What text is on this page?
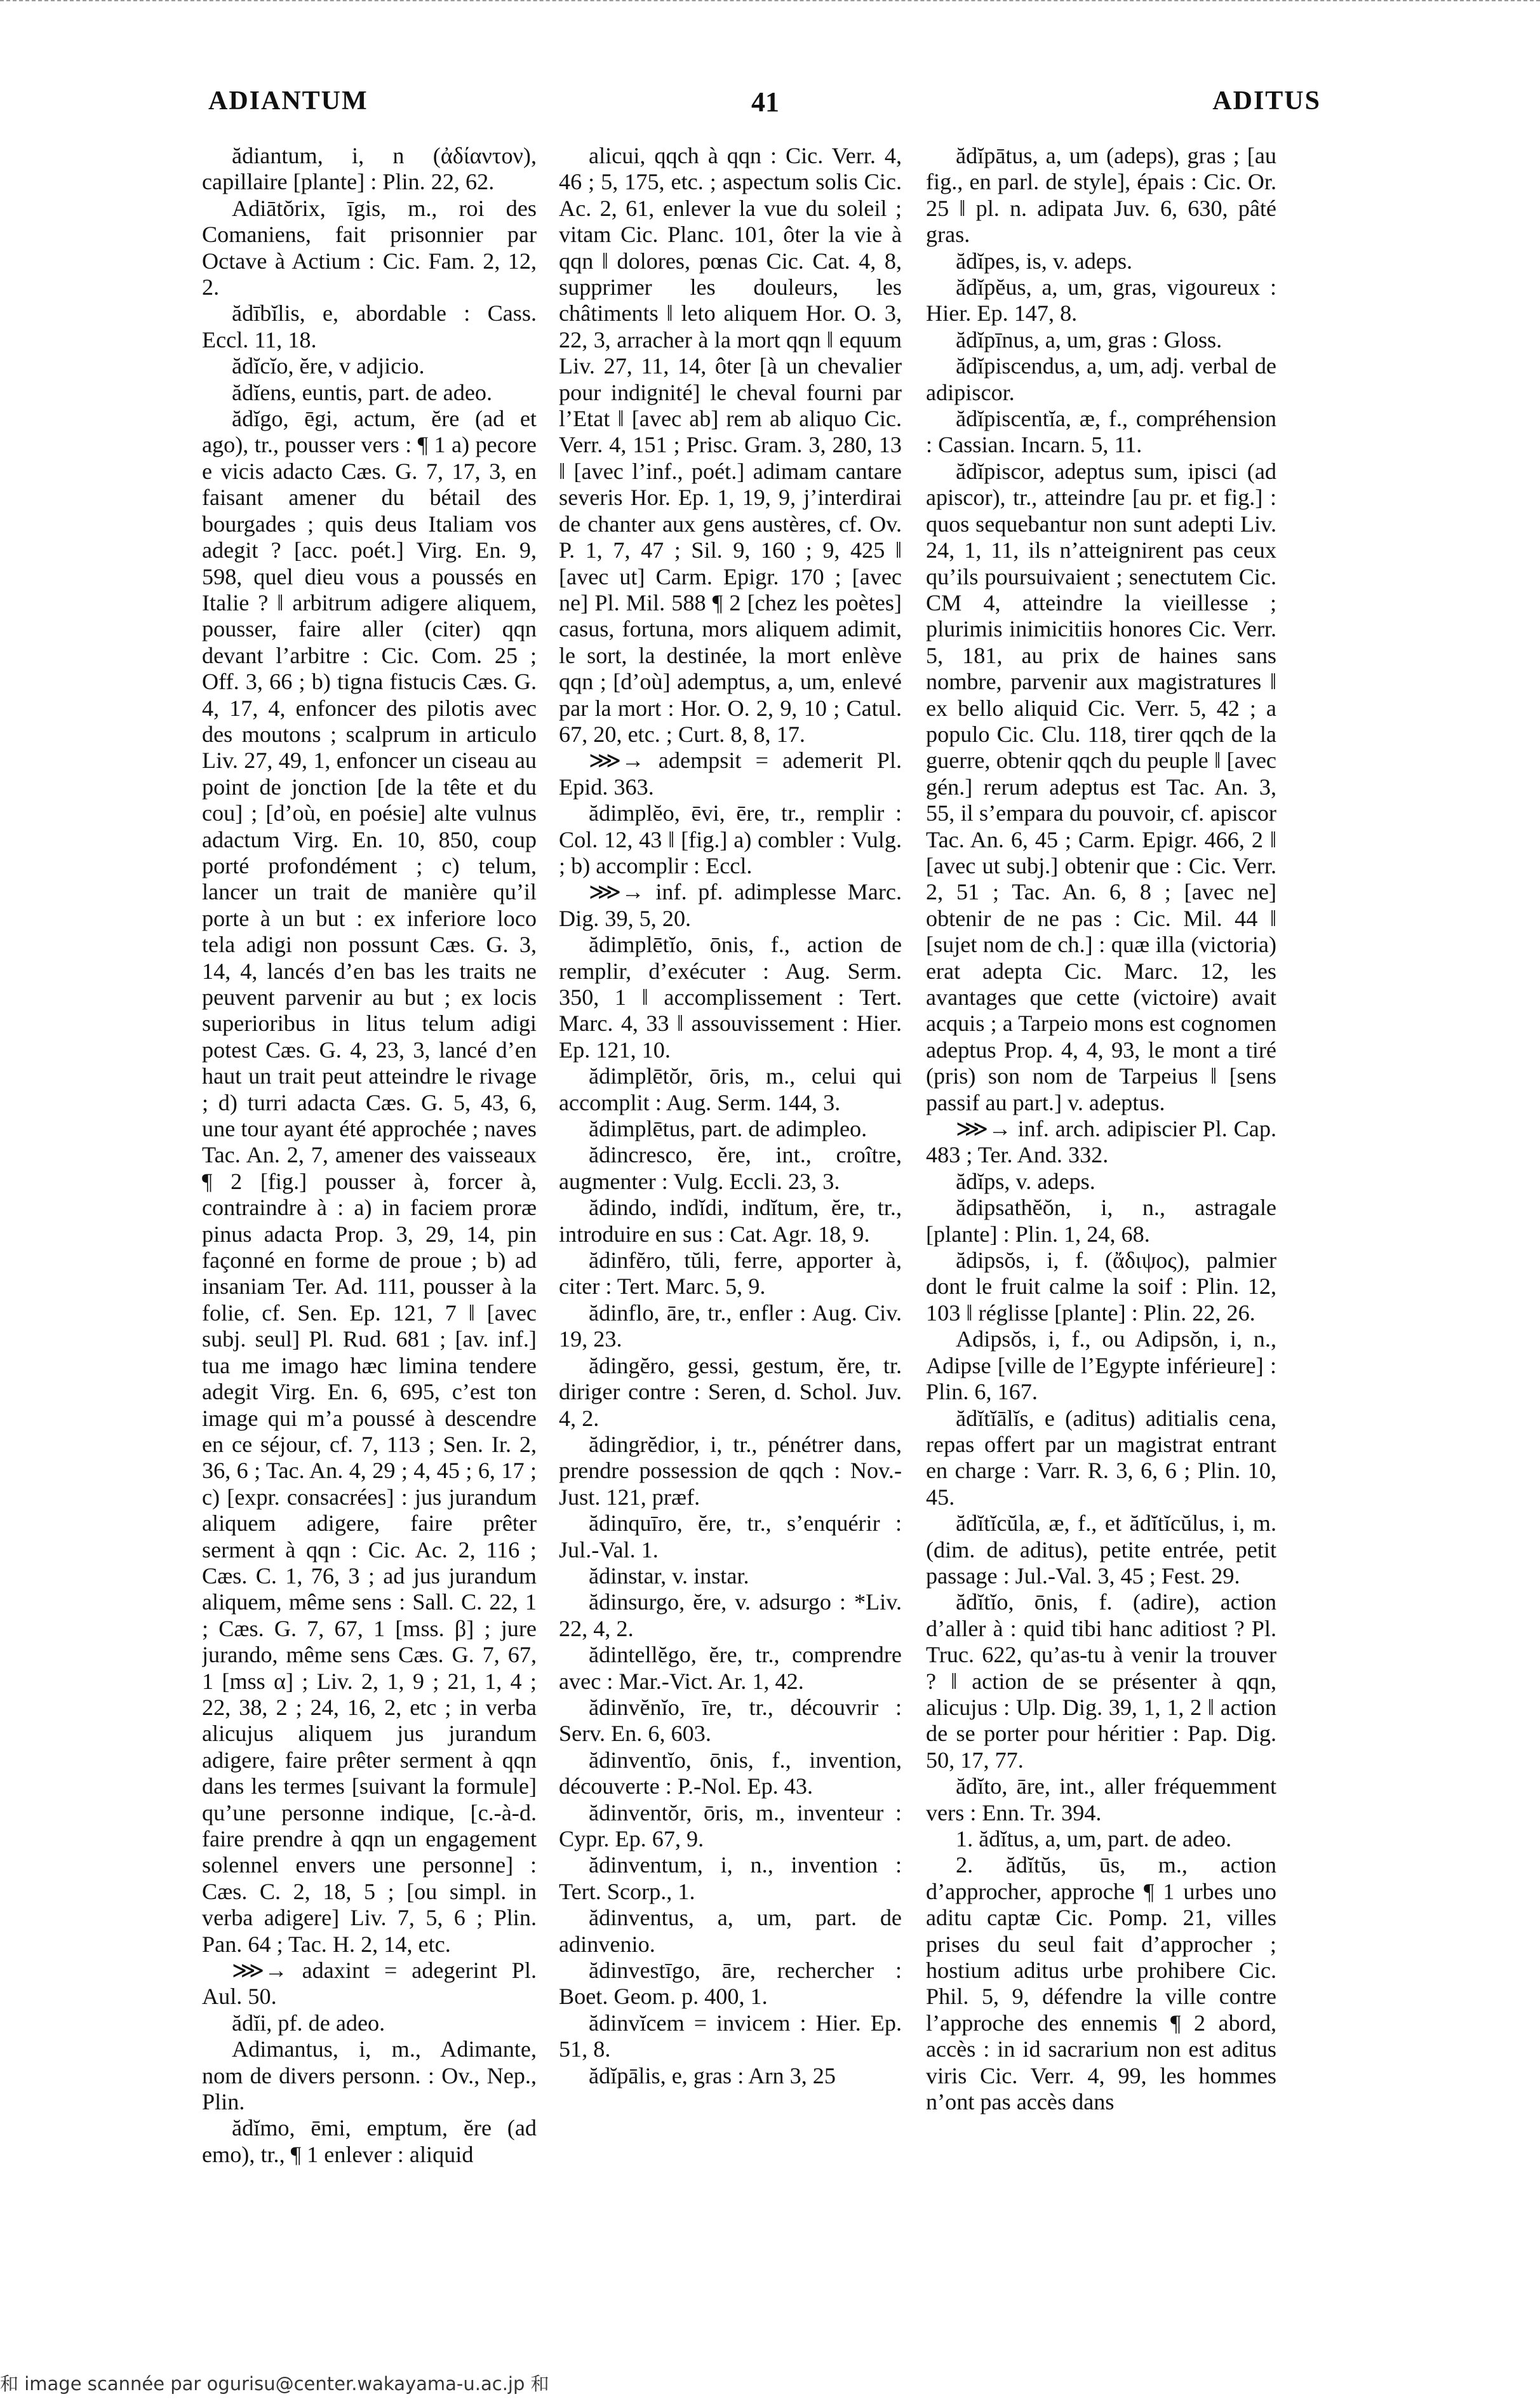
ADIANTUM	41	ADITUS

ădiantum, i, n (ἀδίαντον), capillaire [plante] : Plin. 22, 62.

Adiātŏrix, īgis, m., roi des Comaniens, fait prisonnier par Octave à Actium : Cic. Fam. 2, 12, 2.

ădībĭlis, e, abordable : Cass. Eccl. 11, 18.

ădĭcĭo, ĕre, v adjicio.

ădĭens, euntis, part. de adeo.

ădĭgo, ēgi, actum, ĕre (ad et ago), tr., pousser vers : ¶ 1 a) pecore e vicis adacto Cæs. G. 7, 17, 3, en faisant amener du bétail des bourgades ; quis deus Italiam vos adegit ? [acc. poét.] Virg. En. 9, 598, quel dieu vous a poussés en Italie ? ‖ arbitrum adigere aliquem, pousser, faire aller (citer) qqn devant l’arbitre : Cic. Com. 25 ; Off. 3, 66 ; b) tigna fistucis Cæs. G. 4, 17, 4, enfoncer des pilotis avec des moutons ; scalprum in articulo Liv. 27, 49, 1, enfoncer un ciseau au point de jonction [de la tête et du cou] ; [d’où, en poésie] alte vulnus adactum Virg. En. 10, 850, coup porté profondément ; c) telum, lancer un trait de manière qu’il porte à un but : ex inferiore loco tela adigi non possunt Cæs. G. 3, 14, 4, lancés d’en bas les traits ne peuvent parvenir au but ; ex locis superioribus in litus telum adigi potest Cæs. G. 4, 23, 3, lancé d’en haut un trait peut atteindre le rivage ; d) turri adacta Cæs. G. 5, 43, 6, une tour ayant été approchée ; naves Tac. An. 2, 7, amener des vaisseaux ¶ 2 [fig.] pousser à, forcer à, contraindre à : a) in faciem proræ pinus adacta Prop. 3, 29, 14, pin façonné en forme de proue ; b) ad insaniam Ter. Ad. 111, pousser à la folie, cf. Sen. Ep. 121, 7 ‖ [avec subj. seul] Pl. Rud. 681 ; [av. inf.] tua me imago hæc limina tendere adegit Virg. En. 6, 695, c’est ton image qui m’a poussé à descendre en ce séjour, cf. 7, 113 ; Sen. Ir. 2, 36, 6 ; Tac. An. 4, 29 ; 4, 45 ; 6, 17 ; c) [expr. consacrées] : jus jurandum aliquem adigere, faire prêter serment à qqn : Cic. Ac. 2, 116 ; Cæs. C. 1, 76, 3 ; ad jus jurandum aliquem, même sens : Sall. C. 22, 1 ; Cæs. G. 7, 67, 1 [mss. β] ; jure jurando, même sens Cæs. G. 7, 67, 1 [mss α] ; Liv. 2, 1, 9 ; 21, 1, 4 ; 22, 38, 2 ; 24, 16, 2, etc ; in verba alicujus aliquem jus jurandum adigere, faire prêter serment à qqn dans les termes [suivant la formule] qu’une personne indique, [c.-à-d. faire prendre à qqn un engagement solennel envers une personne] : Cæs. C. 2, 18, 5 ; [ou simpl. in verba adigere] Liv. 7, 5, 6 ; Plin. Pan. 64 ; Tac. H. 2, 14, etc.

⋙→ adaxint = adegerint Pl. Aul. 50.

ădĭi, pf. de adeo.

Adimantus, i, m., Adimante, nom de divers personn. : Ov., Nep., Plin.

ădĭmo, ēmi, emptum, ĕre (ad emo), tr., ¶ 1 enlever : aliquid

alicui, qqch à qqn : Cic. Verr. 4, 46 ; 5, 175, etc. ; aspectum solis Cic. Ac. 2, 61, enlever la vue du soleil ; vitam Cic. Planc. 101, ôter la vie à qqn ‖ dolores, pœnas Cic. Cat. 4, 8, supprimer les douleurs, les châtiments ‖ leto aliquem Hor. O. 3, 22, 3, arracher à la mort qqn ‖ equum Liv. 27, 11, 14, ôter [à un chevalier pour indignité] le cheval fourni par l’Etat ‖ [avec ab] rem ab aliquo Cic. Verr. 4, 151 ; Prisc. Gram. 3, 280, 13 ‖ [avec l’inf., poét.] adimam cantare severis Hor. Ep. 1, 19, 9, j’interdirai de chanter aux gens austères, cf. Ov. P. 1, 7, 47 ; Sil. 9, 160 ; 9, 425 ‖ [avec ut] Carm. Epigr. 170 ; [avec ne] Pl. Mil. 588 ¶ 2 [chez les poètes] casus, fortuna, mors aliquem adimit, le sort, la destinée, la mort enlève qqn ; [d’où] ademptus, a, um, enlevé par la mort : Hor. O. 2, 9, 10 ; Catul. 67, 20, etc. ; Curt. 8, 8, 17.

⋙→ adempsit = ademerit Pl. Epid. 363.

ădimplĕo, ēvi, ēre, tr., remplir : Col. 12, 43 ‖ [fig.] a) combler : Vulg. ; b) accomplir : Eccl.

⋙→ inf. pf. adimplesse Marc. Dig. 39, 5, 20.

ădimplētĭo, ōnis, f., action de remplir, d’exécuter : Aug. Serm. 350, 1 ‖ accomplissement : Tert. Marc. 4, 33 ‖ assouvissement : Hier. Ep. 121, 10.

ădimplētŏr, ōris, m., celui qui accomplit : Aug. Serm. 144, 3.

ădimplētus, part. de adimpleo.

ădincresco, ĕre, int., croître, augmenter : Vulg. Eccli. 23, 3.

ădindo, indĭdi, indĭtum, ĕre, tr., introduire en sus : Cat. Agr. 18, 9.

ădinfĕro, tŭli, ferre, apporter à, citer : Tert. Marc. 5, 9.

ădinflo, āre, tr., enfler : Aug. Civ. 19, 23.

ădingĕro, gessi, gestum, ĕre, tr. diriger contre : Seren, d. Schol. Juv. 4, 2.

ădingrĕdior, i, tr., pénétrer dans, prendre possession de qqch : Nov.-Just. 121, præf.

ădinquīro, ĕre, tr., s’enquérir : Jul.-Val. 1.

ădinstar, v. instar.

ădinsurgo, ĕre, v. adsurgo : *Liv. 22, 4, 2.

ădintellĕgo, ĕre, tr., comprendre avec : Mar.-Vict. Ar. 1, 42.

ădinvĕnĭo, īre, tr., découvrir : Serv. En. 6, 603.

ădinventĭo, ōnis, f., invention, découverte : P.-Nol. Ep. 43.

ădinventŏr, ōris, m., inventeur : Cypr. Ep. 67, 9.

ădinventum, i, n., invention : Tert. Scorp., 1.

ădinventus, a, um, part. de adinvenio.

ădinvestīgo, āre, rechercher : Boet. Geom. p. 400, 1.

ădinvĭcem = invicem : Hier. Ep. 51, 8.

ădĭpālis, e, gras : Arn 3, 25

ădĭpātus, a, um (adeps), gras ; [au fig., en parl. de style], épais : Cic. Or. 25 ‖ pl. n. adipata Juv. 6, 630, pâté gras.

ădĭpes, is, v. adeps.

ădĭpĕus, a, um, gras, vigoureux : Hier. Ep. 147, 8.

ădĭpīnus, a, um, gras : Gloss.

ădĭpiscendus, a, um, adj. verbal de adipiscor.

ădĭpiscentĭa, æ, f., compréhension : Cassian. Incarn. 5, 11.

ădĭpiscor, adeptus sum, ipisci (ad apiscor), tr., atteindre [au pr. et fig.] : quos sequebantur non sunt adepti Liv. 24, 1, 11, ils n’atteignirent pas ceux qu’ils poursuivaient ; senectutem Cic. CM 4, atteindre la vieillesse ; plurimis inimicitiis honores Cic. Verr. 5, 181, au prix de haines sans nombre, parvenir aux magistratures ‖ ex bello aliquid Cic. Verr. 5, 42 ; a populo Cic. Clu. 118, tirer qqch de la guerre, obtenir qqch du peuple ‖ [avec gén.] rerum adeptus est Tac. An. 3, 55, il s’empara du pouvoir, cf. apiscor Tac. An. 6, 45 ; Carm. Epigr. 466, 2 ‖ [avec ut subj.] obtenir que : Cic. Verr. 2, 51 ; Tac. An. 6, 8 ; [avec ne] obtenir de ne pas : Cic. Mil. 44 ‖ [sujet nom de ch.] : quæ illa (victoria) erat adepta Cic. Marc. 12, les avantages que cette (victoire) avait acquis ; a Tarpeio mons est cognomen adeptus Prop. 4, 4, 93, le mont a tiré (pris) son nom de Tarpeius ‖ [sens passif au part.] v. adeptus.

⋙→ inf. arch. adipiscier Pl. Cap. 483 ; Ter. And. 332.

ădĭps, v. adeps.

ădipsathĕŏn, i, n., astragale [plante] : Plin. 1, 24, 68.

ădipsŏs, i, f. (ἄδιψος), palmier dont le fruit calme la soif : Plin. 12, 103 ‖ réglisse [plante] : Plin. 22, 26.

Adipsŏs, i, f., ou Adipsŏn, i, n., Adipse [ville de l’Egypte inférieure] : Plin. 6, 167.

ădĭtĭālĭs, e (aditus) aditialis cena, repas offert par un magistrat entrant en charge : Varr. R. 3, 6, 6 ; Plin. 10, 45.

ădĭtĭcŭla, æ, f., et ădĭtĭcŭlus, i, m. (dim. de aditus), petite entrée, petit passage : Jul.-Val. 3, 45 ; Fest. 29.

ădĭtĭo, ōnis, f. (adire), action d’aller à : quid tibi hanc aditiost ? Pl. Truc. 622, qu’as-tu à venir la trouver ? ‖ action de se présenter à qqn, alicujus : Ulp. Dig. 39, 1, 1, 2 ‖ action de se porter pour héritier : Pap. Dig. 50, 17, 77.

ădĭto, āre, int., aller fréquemment vers : Enn. Tr. 394.

1. ădĭtus, a, um, part. de adeo.

2. ădĭtŭs, ūs, m., action d’approcher, approche ¶ 1 urbes uno aditu captæ Cic. Pomp. 21, villes prises du seul fait d’approcher ; hostium aditus urbe prohibere Cic. Phil. 5, 9, défendre la ville contre l’approche des ennemis ¶ 2 abord, accès : in id sacrarium non est aditus viris Cic. Verr. 4, 99, les hommes n’ont pas accès dans

和 image scannée par ogurisu@center.wakayama-u.ac.jp 和
